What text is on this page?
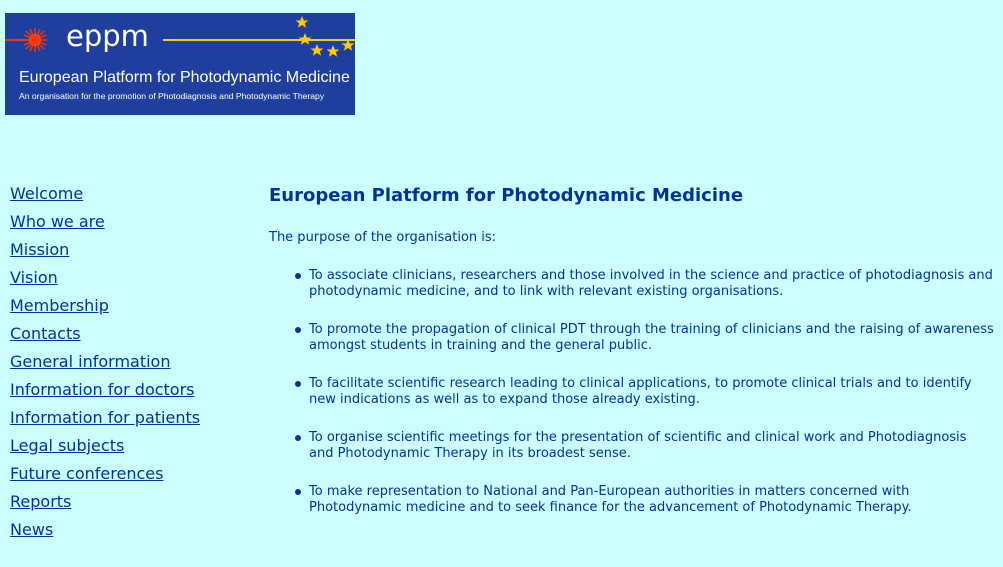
eppm
European Platform for Photodynamic Medicine
An organisation for the promotion of Photodiagnosis and Photodynamic Therapy
Welcome
Who we are
Mission
Vision
Membership
Contacts
General information
Information for doctors
Information for patients
Legal subjects
Future conferences
Reports
News
European Platform for Photodynamic Medicine

The purpose of the organisation is:

To associate clinicians, researchers and those involved in the science and practice of photodiagnosis and photodynamic medicine, and to link with relevant existing organisations.
To promote the propagation of clinical PDT through the training of clinicians and the raising of awareness amongst students in training and the general public.
To facilitate scientific research leading to clinical applications, to promote clinical trials and to identify new indications as well as to expand those already existing.
To organise scientific meetings for the presentation of scientific and clinical work and Photodiagnosis and Photodynamic Therapy in its broadest sense.
To make representation to National and Pan-European authorities in matters concerned with Photodynamic medicine and to seek finance for the advancement of Photodynamic Therapy.
